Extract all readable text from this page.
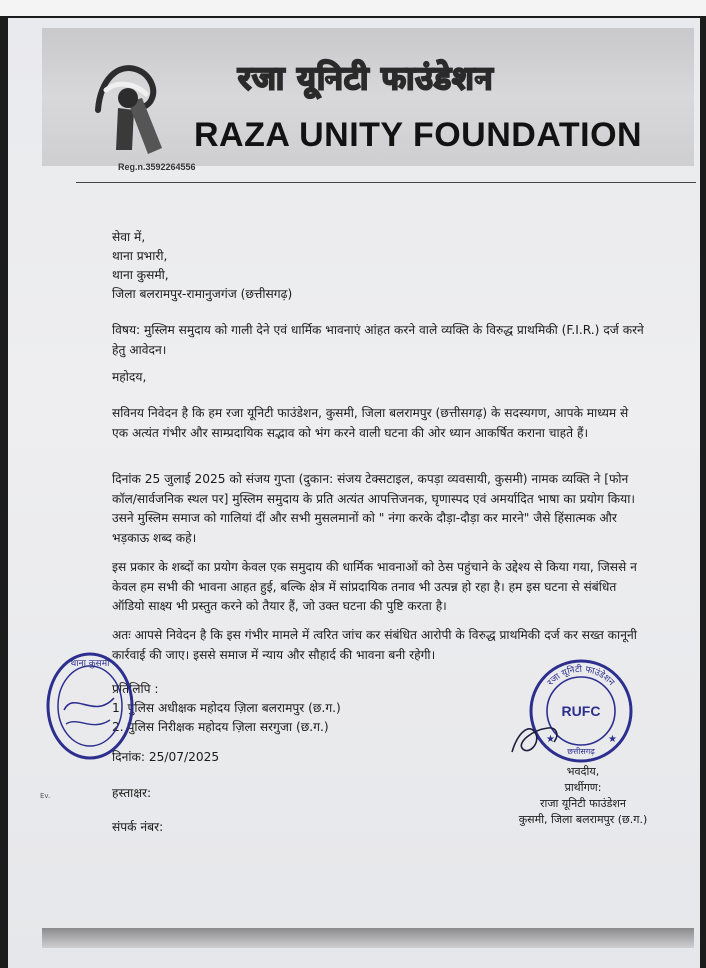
रजा यूनिटी फाउंडेशन
RAZA UNITY FOUNDATION
Reg.n.3592264556
सेवा में,
थाना प्रभारी,
थाना कुसमी,
जिला बलरामपुर-रामानुजगंज (छत्तीसगढ़)
विषय: मुस्लिम समुदाय को गाली देने एवं धार्मिक भावनाएं आंहत करने वाले व्यक्ति के विरुद्ध प्राथमिकी (F.I.R.) दर्ज करने हेतु आवेदन।
महोदय,
सविनय निवेदन है कि हम रजा यूनिटी फाउंडेशन, कुसमी, जिला बलरामपुर (छत्तीसगढ़) के सदस्यगण, आपके माध्यम से एक अत्यंत गंभीर और साम्प्रदायिक सद्भाव को भंग करने वाली घटना की ओर ध्यान आकर्षित कराना चाहते हैं।
दिनांक 25 जुलाई 2025 को संजय गुप्ता (दुकान: संजय टेक्सटाइल, कपड़ा व्यवसायी, कुसमी) नामक व्यक्ति ने [फोन कॉल/सार्वजनिक स्थल पर] मुस्लिम समुदाय के प्रति अत्यंत आपत्तिजनक, घृणास्पद एवं अमर्यादित भाषा का प्रयोग किया। उसने मुस्लिम समाज को गालियां दीं और सभी मुसलमानों को " नंगा करके दौड़ा-दौड़ा कर मारने" जैसे हिंसात्मक और भड़काऊ शब्द कहे।
इस प्रकार के शब्दों का प्रयोग केवल एक समुदाय की धार्मिक भावनाओं को ठेस पहुंचाने के उद्देश्य से किया गया, जिससे न केवल हम सभी की भावना आहत हुई, बल्कि क्षेत्र में सांप्रदायिक तनाव भी उत्पन्न हो रहा है। हम इस घटना से संबंधित ऑडियो साक्ष्य भी प्रस्तुत करने को तैयार हैं, जो उक्त घटना की पुष्टि करता है।
अतः आपसे निवेदन है कि इस गंभीर मामले में त्वरित जांच कर संबंधित आरोपी के विरुद्ध प्राथमिकी दर्ज कर सख्त कानूनी कार्रवाई की जाए। इससे समाज में न्याय और सौहार्द की भावना बनी रहेगी।
प्रतिलिपि :
1. पुलिस अधीक्षक महोदय ज़िला बलरामपुर (छ.ग.)
2. पुलिस निरीक्षक महोदय ज़िला सरगुजा (छ.ग.)
दिनांक: 25/07/2025
हस्ताक्षर:
संपर्क नंबर:
Ev.
थाना कुसमी
रजा यूनिटी फाउंडेशन
RUFC
छत्तीसगढ़
★	★
भवदीय,
प्रार्थीगण:
राजा यूनिटी फाउंडेशन
कुसमी, जिला बलरामपुर (छ.ग.)
